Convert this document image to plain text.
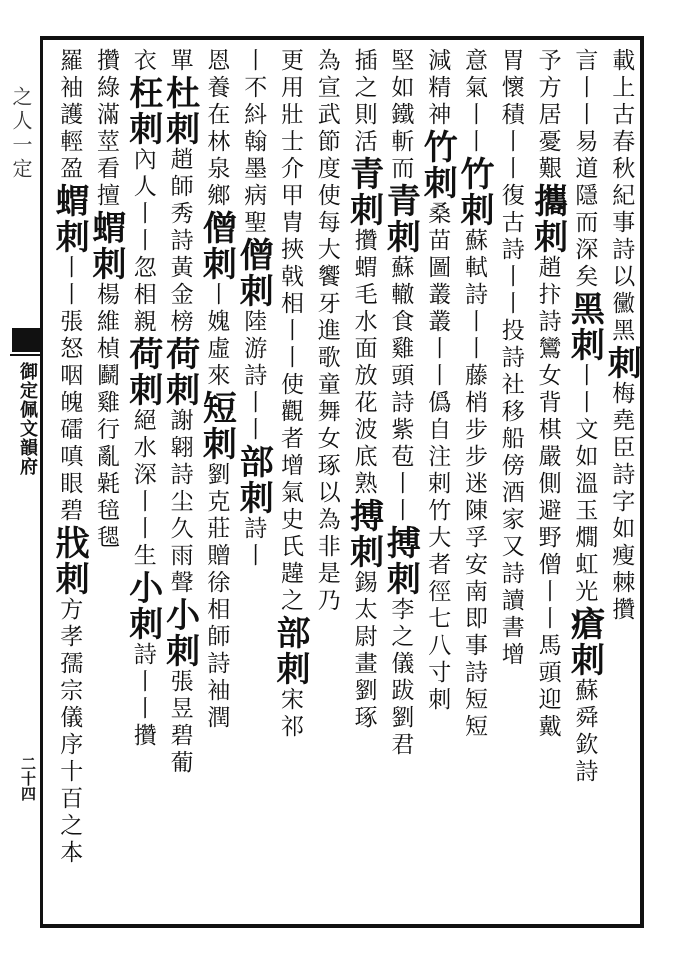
之人一定
御定佩文韻府
二十四
載上古春秋紀事詩以黴黑刺梅堯臣詩字如瘦棘攢
言丨丨易道隱而深矣黑刺丨丨文如溫玉燗虹光瘡刺蘇舜欽詩
予方居憂艱攜刺趙抃詩鸞女背棋嚴側避野僧丨丨馬頭迎戴
胃懷積丨丨復古詩丨丨投詩社移船傍酒家又詩讀書增
意氣丨丨竹刺蘇軾詩丨丨藤梢步步迷陳孚安南即事詩短短
減精神竹刺桑苗圖叢叢丨丨僞自注剌竹大者徑七八寸刺
堅如鐵斬而青刺蘇轍食雞頭詩紫苞丨丨搏刺李之儀跋劉君
插之則活青刺攢蝟毛水面放花波底熟搏刺錫太尉畫劉琢
為宣武節度使每大饗牙進歌童舞女琢以為非是乃
更用壯士介甲胄挾戟相丨丨使觀者增氣史氏韙之部刺宋祁
丨不紏翰墨病聖僧刺陸游詩丨丨部刺詩丨
恩養在林泉鄉僧刺丨媿虛來短刺劉克莊贈徐相師詩袖潤
單杜刺趙師秀詩黃金榜荷刺謝翶詩尘久雨聲小刺張昱碧葡
衣枉刺內人丨丨忽相親荷刺絕水深丨丨生小刺詩丨丨攢
攢綠滿莖看擅蝟刺楊維楨鬬雞行亂氉毰毸
羅袖護輕盈蝟刺丨丨張怒咽魄礌嗔眼碧戕刺方孝孺宗儀序十百之本
